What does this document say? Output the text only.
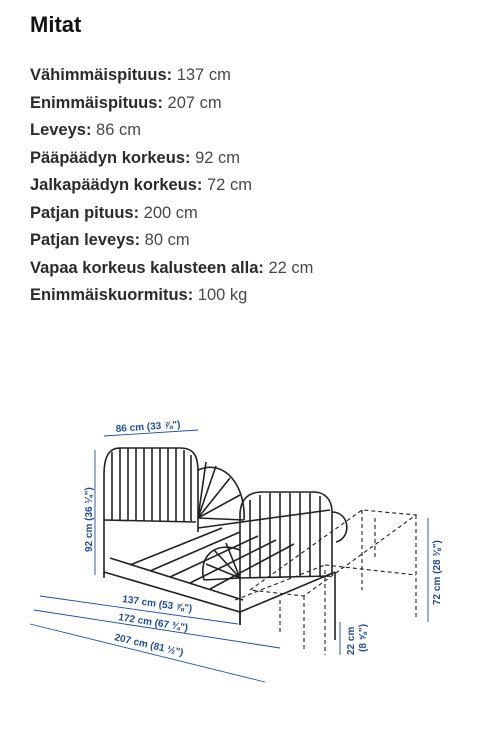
Mitat
Vähimmäispituus: 137 cm
Enimmäispituus: 207 cm
Leveys: 86 cm
Pääpäädyn korkeus: 92 cm
Jalkapäädyn korkeus: 72 cm
Patjan pituus: 200 cm
Patjan leveys: 80 cm
Vapaa korkeus kalusteen alla: 22 cm
Enimmäiskuormitus: 100 kg
86 cm (33 ⅞")
92 cm (36 ¼")
72 cm (28 ⅜")
22 cm (8 ⅝")
137 cm (53 ⅞")
172 cm (67 ¾")
207 cm (81 ½")
